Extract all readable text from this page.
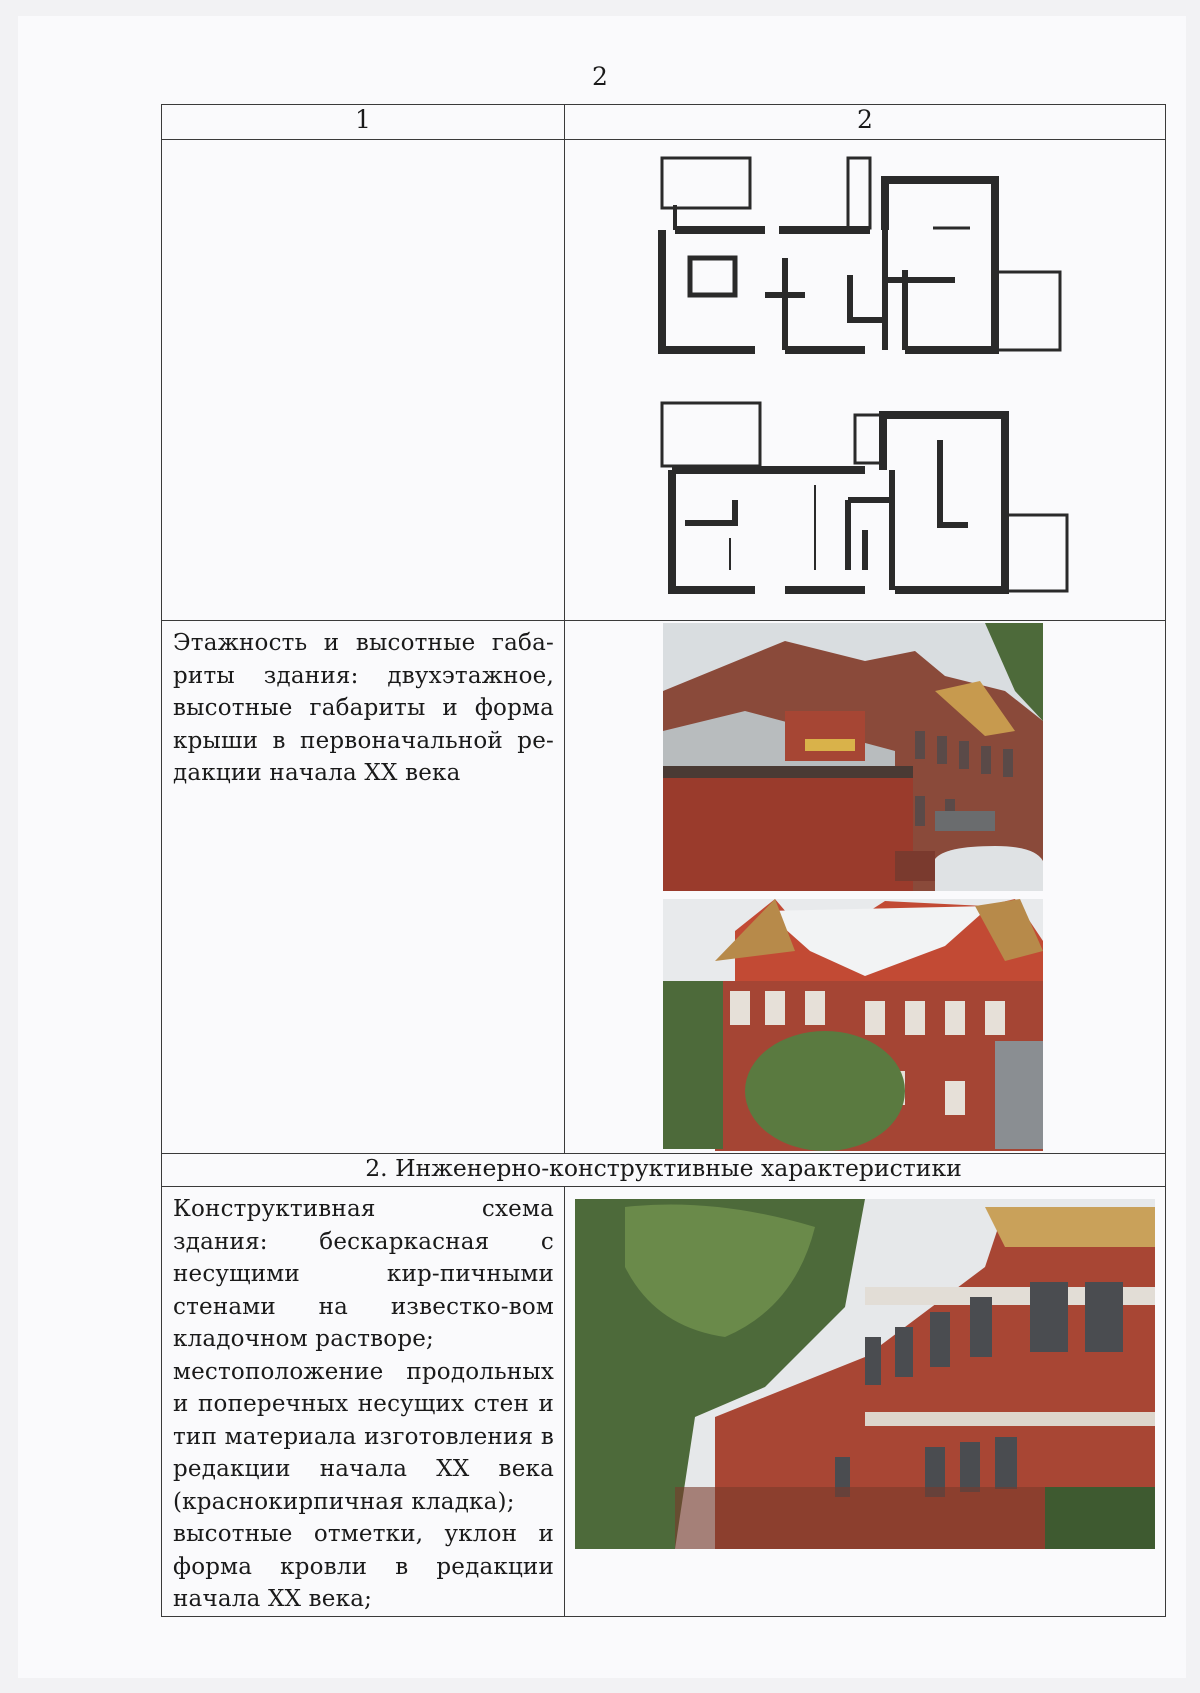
2
1	2

Этажность и высотные габа-риты здания: двухэтажное, высотные габариты и форма крыши в первоначальной ре-дакции начала XX века

2. Инженерно-конструктивные характеристики	

Конструктивная схема здания: бескаркасная с несущими кир-пичными стенами на известко-вом кладочном растворе;

местоположение продольных и поперечных несущих стен и тип материала изготовления в редакции начала XX века (краснокирпичная кладка);

высотные отметки, уклон и форма кровли в редакции начала XX века;
